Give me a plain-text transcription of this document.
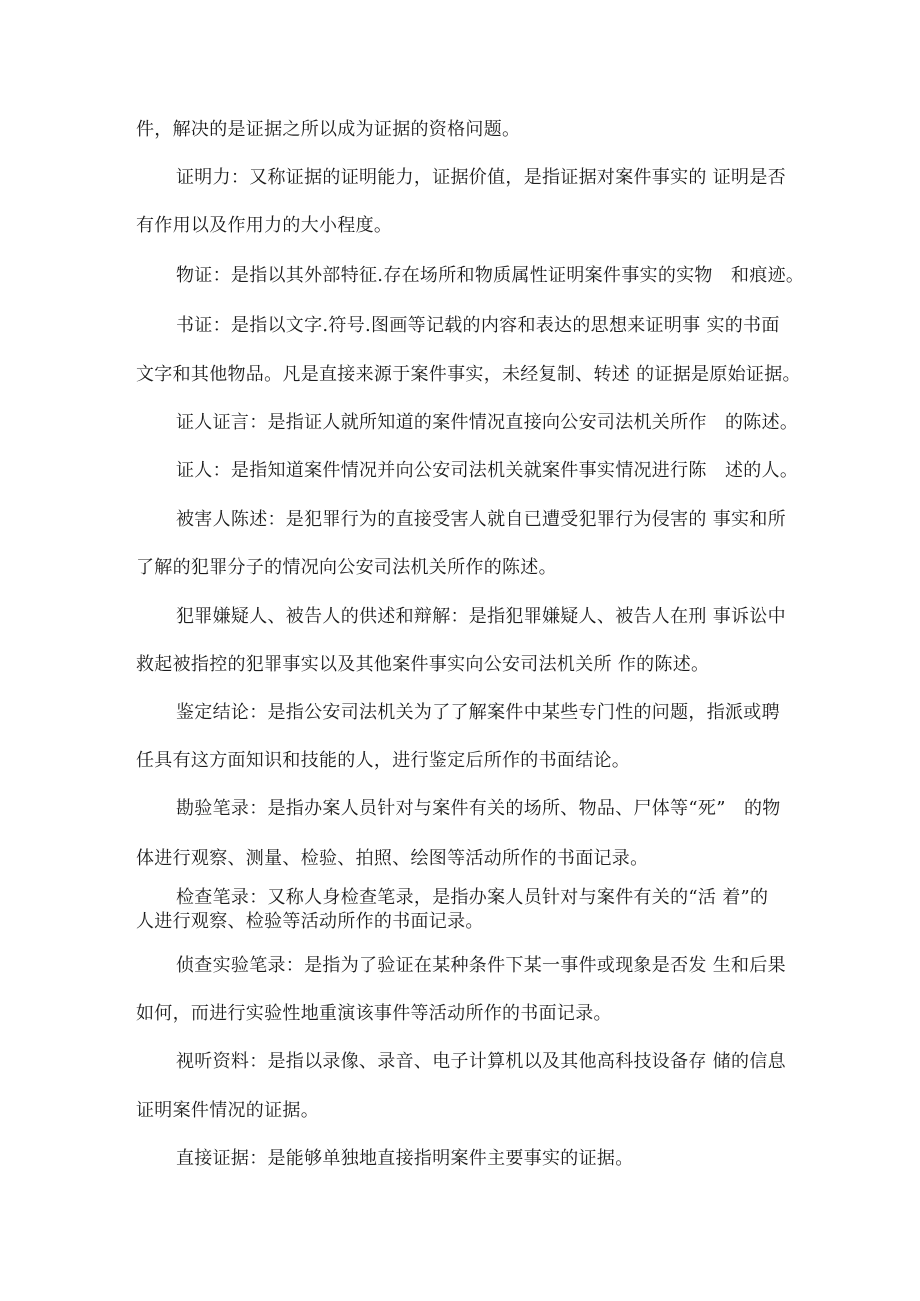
件，解决的是证据之所以成为证据的资格问题。
证明力：又称证据的证明能力，证据价值，是指证据对案件事实的 证明是否
有作用以及作用力的大小程度。
物证：是指以其外部特征.存在场所和物质属性证明案件事实的实物　和痕迹。
书证：是指以文字.符号.图画等记载的内容和表达的思想来证明事 实的书面
文字和其他物品。凡是直接来源于案件事实，未经复制、转述 的证据是原始证据。
证人证言：是指证人就所知道的案件情况直接向公安司法机关所作　的陈述。
证人：是指知道案件情况并向公安司法机关就案件事实情况进行陈　述的人。
被害人陈述：是犯罪行为的直接受害人就自已遭受犯罪行为侵害的 事实和所
了解的犯罪分子的情况向公安司法机关所作的陈述。
犯罪嫌疑人、被告人的供述和辩解：是指犯罪嫌疑人、被告人在刑 事诉讼中
救起被指控的犯罪事实以及其他案件事实向公安司法机关所 作的陈述。
鉴定结论：是指公安司法机关为了了解案件中某些专门性的问题，指派或聘
任具有这方面知识和技能的人，进行鉴定后所作的书面结论。
勘验笔录：是指办案人员针对与案件有关的场所、物品、尸体等“死”　的物
体进行观察、测量、检验、拍照、绘图等活动所作的书面记录。
检查笔录：又称人身检查笔录，是指办案人员针对与案件有关的“活 着”的
人进行观察、检验等活动所作的书面记录。
侦查实验笔录：是指为了验证在某种条件下某一事件或现象是否发 生和后果
如何，而进行实验性地重演该事件等活动所作的书面记录。
视听资料：是指以录像、录音、电子计算机以及其他高科技设备存 储的信息
证明案件情况的证据。
直接证据：是能够单独地直接指明案件主要事实的证据。
